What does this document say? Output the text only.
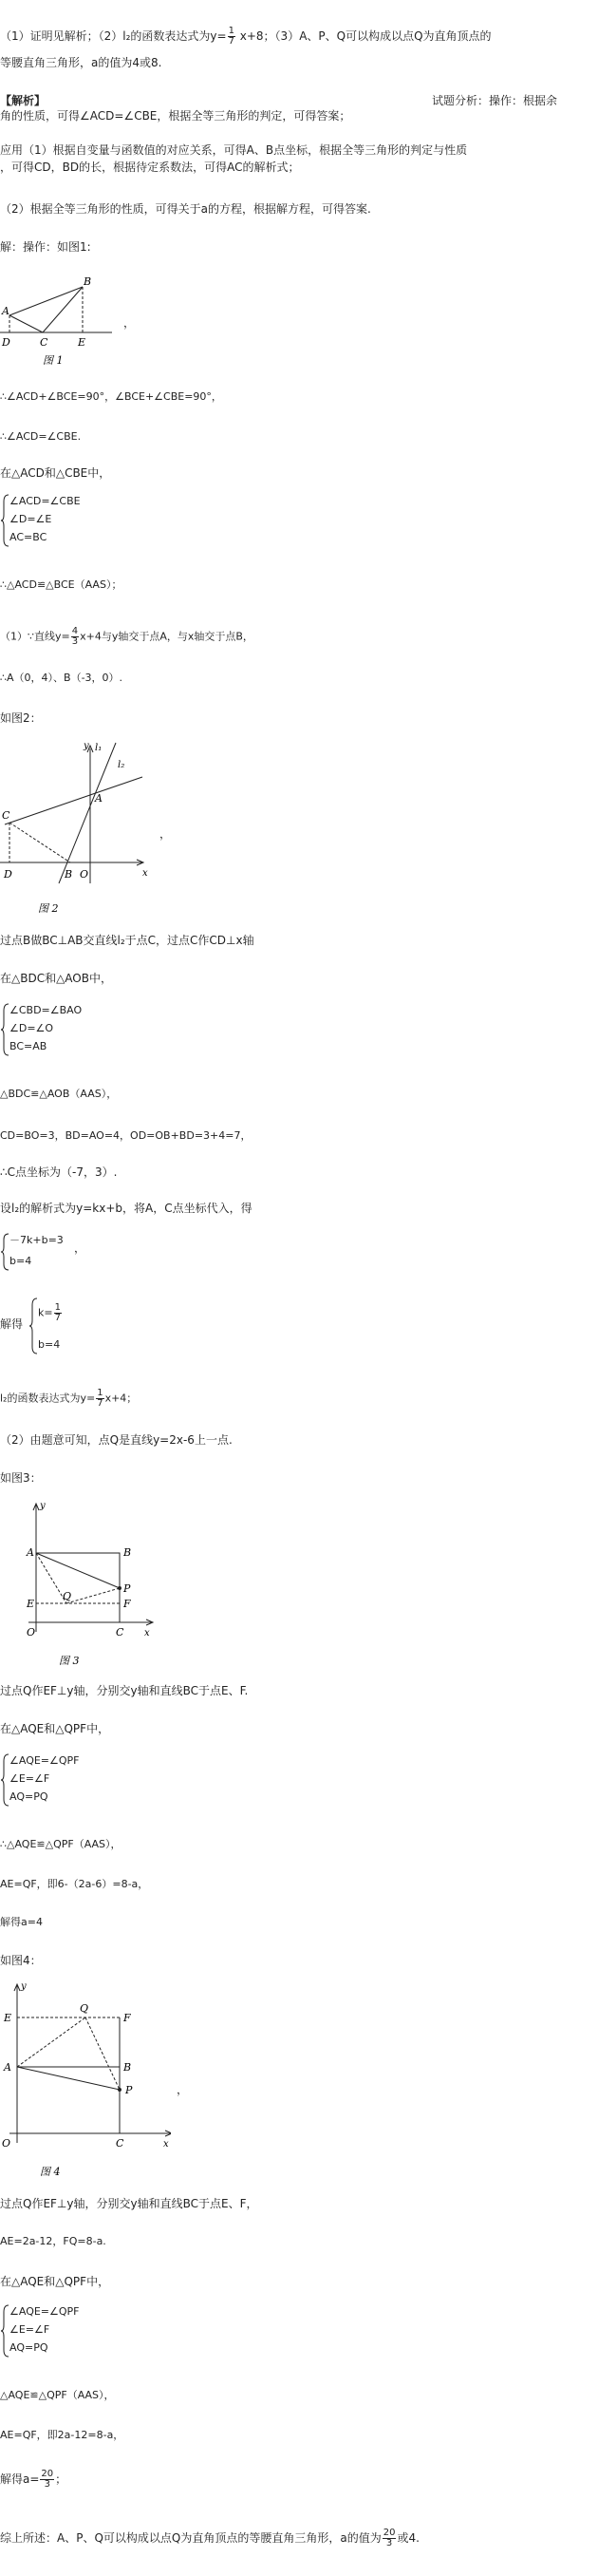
（1）证明见解析；（2）l₂的函数表达式为$y= \frac{1}{7} x+8$；（3）A、P、Q可以构成以点Q为直角顶点的
等腰直角三角形，a的值为4或8.
【解析】	试题分析：操作：根据余
角的性质，可得∠ACD=∠CBE，根据全等三角形的判定，可得答案；
应用（1）根据自变量与函数值的对应关系，可得A、B点坐标，根据全等三角形的判定与性质
，可得CD，BD的长，根据待定系数法，可得AC的解析式；
（2）根据全等三角形的性质，可得关于a的方程，根据解方程，可得答案.
解：操作：如图1:
A
B
D	C	E
图 1
，
∴∠ACD+∠BCE=90°，∠BCE+∠CBE=90°，
∴∠ACD=∠CBE.
在△ACD和△CBE中，
∠ACD=∠CBE
∠D=∠E
AC=BC
∴△ACD≌△BCE（AAS）；
（1）∵直线$y= \frac{4}{3} x+4$与y轴交于点A，与x轴交于点B，
∴A（0，4）、B（-3，0）.
如图2：
y l₁
l₂
A
C
D	B O	x
图 2
，
过点B做BC⊥AB交直线l₂于点C，过点C作CD⊥x轴
在△BDC和△AOB中，
∠CBD=∠BAO
∠D=∠O
BC=AB
△BDC≌△AOB（AAS），
CD=BO=3，BD=AO=4，OD=OB+BD=3+4=7，
∴C点坐标为（-7，3）.
设l₂的解析式为y=kx+b，将A，C点坐标代入，得
－7k+b=3
b=4
，
解得
$k= \frac{1}{7}$
b=4
l₂的函数表达式为$y= \frac{1}{7} x+4$；
（2）由题意可知，点Q是直线y=2x-6上一点.
如图3：
y
A	B
P
Q
E	F
O	C x
图 3
过点Q作EF⊥y轴，分别交y轴和直线BC于点E、F.
在△AQE和△QPF中，
∠AQE=∠QPF
∠E=∠F
AQ=PQ
∴△AQE≌△QPF（AAS），
AE=QF，即6-（2a-6）=8-a，
解得a=4
如图4：
y
E
Q
F
A	B
P
O	C	x
图 4
，
过点Q作EF⊥y轴，分别交y轴和直线BC于点E、F，
AE=2a-12，FQ=8-a.
在△AQE和△QPF中，
∠AQE=∠QPF
∠E=∠F
AQ=PQ
△AQE≌△QPF（AAS），
AE=QF，即2a-12=8-a，
解得$a= \frac{20}{3}$ ；
综上所述：A、P、Q可以构成以点Q为直角顶点的等腰直角三角形，a的值为 $\frac{20}{3}$ 或4.
